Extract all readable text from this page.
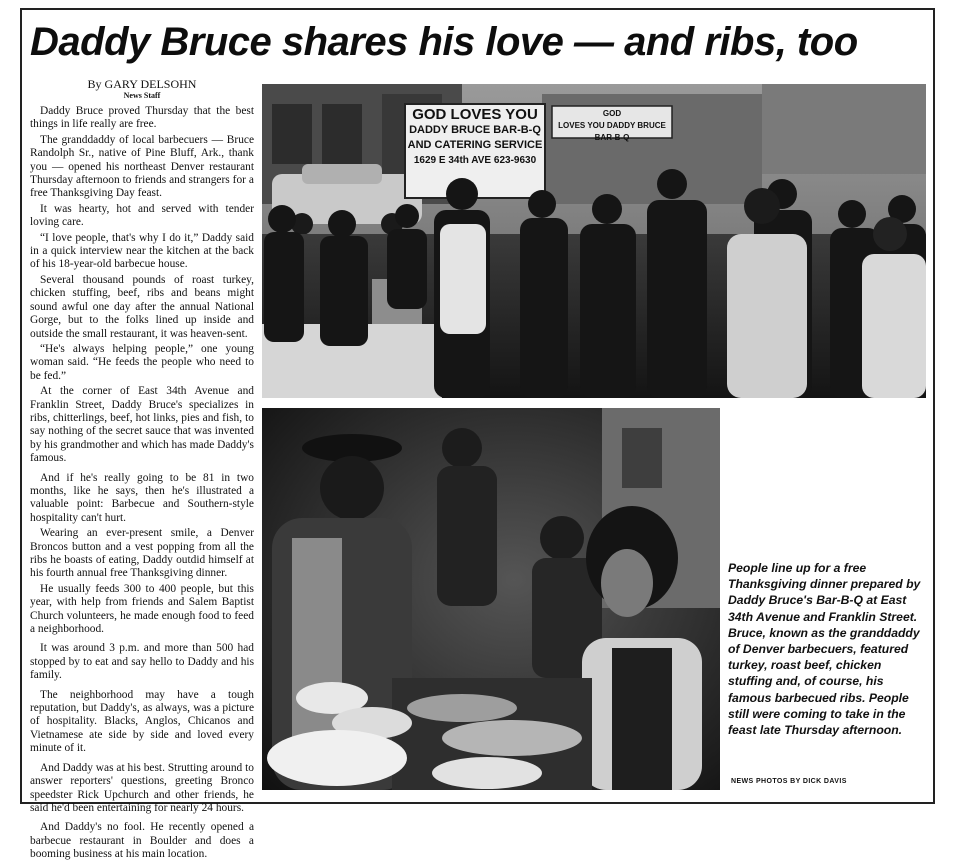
Daddy Bruce shares his love — and ribs, too

By GARY DELSOHN

News Staff

Daddy Bruce proved Thursday that the best things in life really are free.

The granddaddy of local barbecuers — Bruce Randolph Sr., native of Pine Bluff, Ark., thank you — opened his northeast Denver restaurant Thursday afternoon to friends and strangers for a free Thanksgiving Day feast.

It was hearty, hot and served with tender loving care.

“I love people, that's why I do it,” Daddy said in a quick interview near the kitchen at the back of his 18-year-old barbecue house.

Several thousand pounds of roast turkey, chicken stuffing, beef, ribs and beans might sound awful one day after the annual National Gorge, but to the folks lined up inside and outside the small restaurant, it was heaven-sent.

“He's always helping people,” one young woman said. “He feeds the people who need to be fed.”

At the corner of East 34th Avenue and Franklin Street, Daddy Bruce's specializes in ribs, chitterlings, beef, hot links, pies and fish, to say nothing of the secret sauce that was invented by his grandmother and which has made Daddy's famous.

And if he's really going to be 81 in two months, like he says, then he's illustrated a valuable point: Barbecue and Southern-style hospitality can't hurt.

Wearing an ever-present smile, a Denver Broncos button and a vest popping from all the ribs he boasts of eating, Daddy outdid himself at his fourth annual free Thanksgiving dinner.

He usually feeds 300 to 400 people, but this year, with help from friends and Salem Baptist Church volunteers, he made enough food to feed a neighborhood.

It was around 3 p.m. and more than 500 had stopped by to eat and say hello to Daddy and his family.

The neighborhood may have a tough reputation, but Daddy's, as always, was a picture of hospitality. Blacks, Anglos, Chicanos and Vietnamese ate side by side and loved every minute of it.

And Daddy was at his best. Strutting around to answer reporters' questions, greeting Bronco speedster Rick Upchurch and other friends, he said he'd been entertaining for nearly 24 hours.

And Daddy's no fool. He recently opened a barbecue restaurant in Boulder and does a booming business at his main location.

GOD LOVES YOU
DADDY BRUCE BAR-B-Q
AND CATERING SERVICE
1629 E 34th AVE 623-9630
GOD
LOVES YOU DADDY BRUCE BAR-B-Q
People line up for a free Thanksgiving dinner prepared by Daddy Bruce's Bar-B-Q at East 34th Avenue and Franklin Street. Bruce, known as the granddaddy of Denver barbecuers, featured turkey, roast beef, chicken stuffing and, of course, his famous barbecued ribs. People still were coming to take in the feast late Thursday afternoon.
NEWS PHOTOS BY DICK DAVIS
